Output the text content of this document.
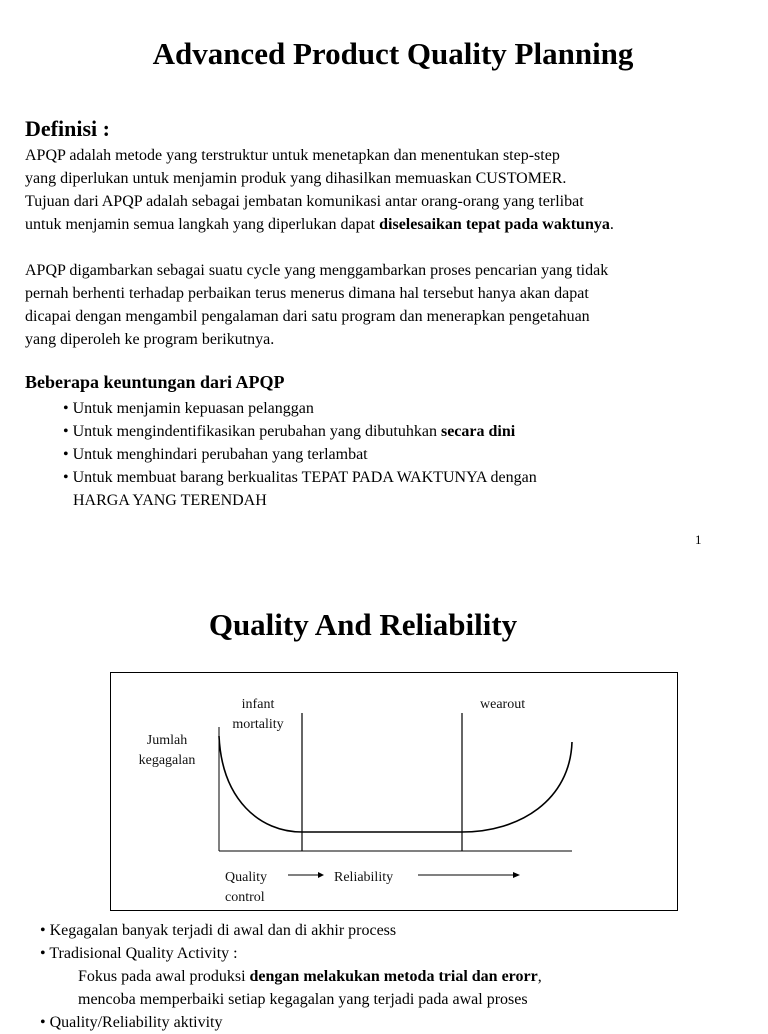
Advanced Product Quality Planning
Definisi :
APQP adalah metode yang terstruktur untuk menetapkan dan menentukan step-step
yang diperlukan untuk menjamin produk yang dihasilkan memuaskan CUSTOMER.
Tujuan dari APQP adalah sebagai jembatan komunikasi antar orang-orang yang terlibat
untuk menjamin semua langkah yang diperlukan dapat diselesaikan tepat pada waktunya.
APQP digambarkan sebagai suatu cycle yang menggambarkan proses pencarian yang tidak
pernah berhenti terhadap perbaikan terus menerus dimana hal tersebut hanya akan dapat
dicapai dengan mengambil pengalaman dari satu program dan menerapkan pengetahuan
yang diperoleh ke program berikutnya.
Beberapa keuntungan dari APQP
• Untuk menjamin kepuasan pelanggan
• Untuk mengindentifikasikan perubahan yang dibutuhkan secara dini
• Untuk menghindari perubahan yang terlambat
• Untuk membuat barang berkualitas TEPAT PADA WAKTUNYA dengan
HARGA YANG TERENDAH
1
Quality And Reliability
Jumlah
kegagalan
infant
mortality
wearout
Quality
control
Reliability
• Kegagalan banyak terjadi di awal dan di akhir process
• Tradisional Quality Activity :
Fokus pada awal produksi dengan melakukan metoda trial dan erorr,
mencoba memperbaiki setiap kegagalan yang terjadi pada awal proses
• Quality/Reliability aktivity
